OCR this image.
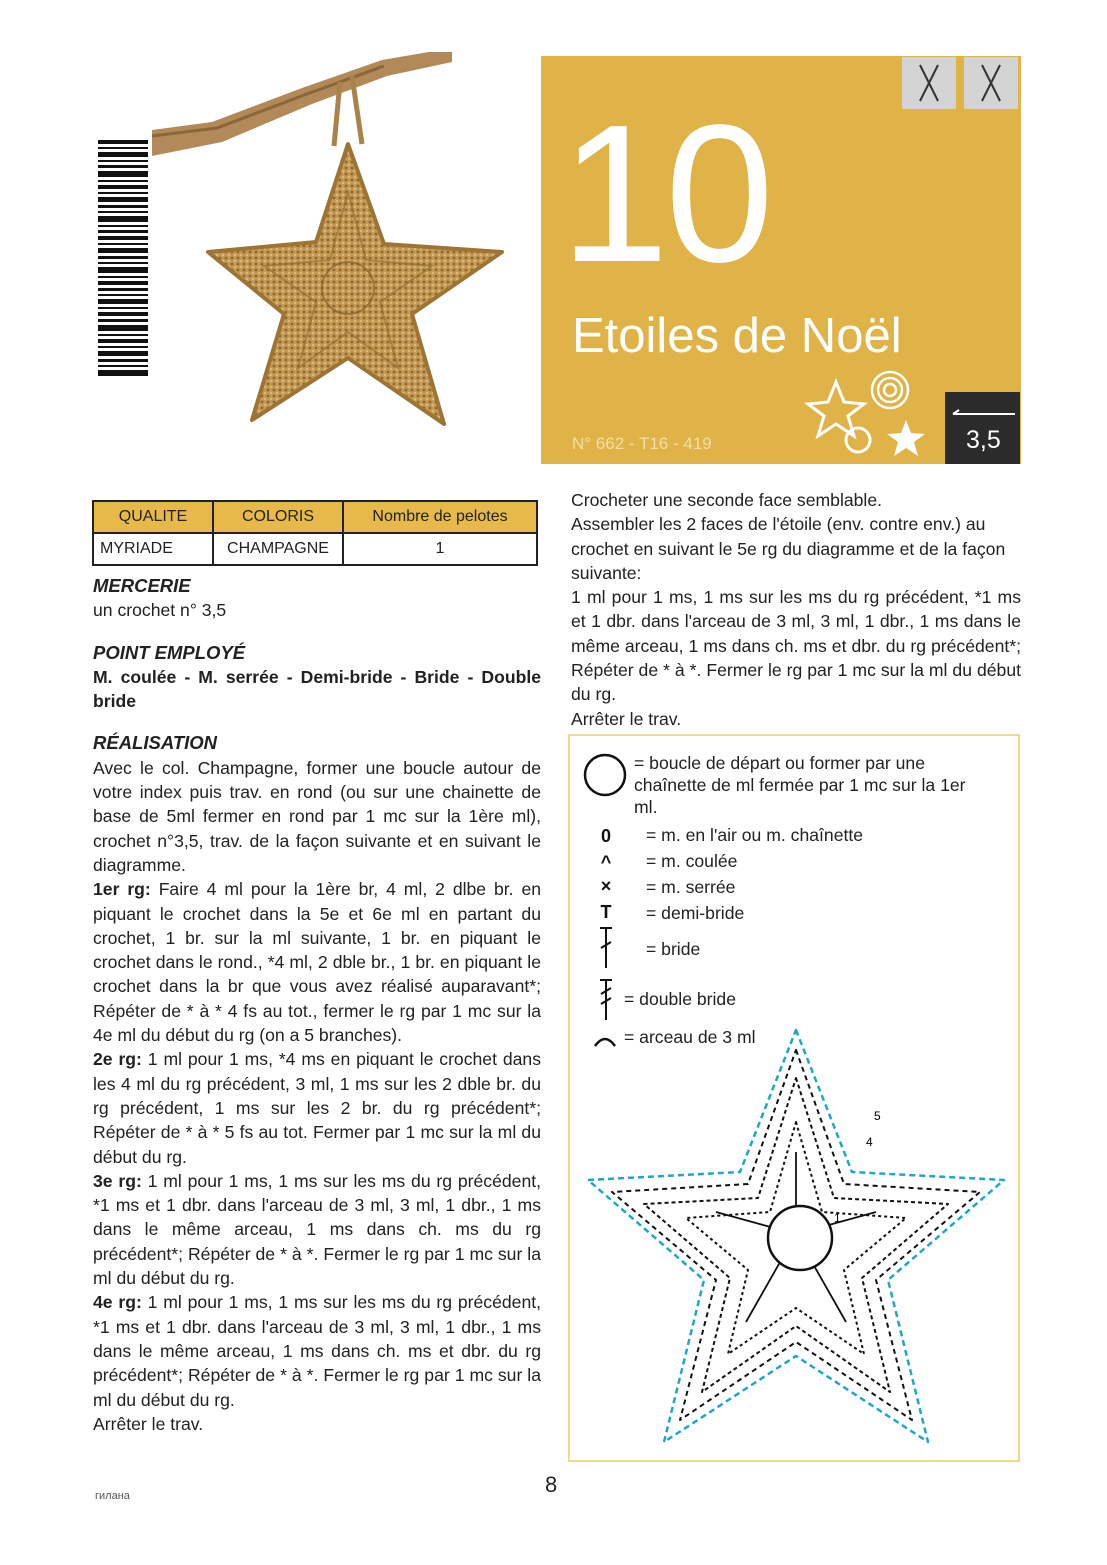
10
Etoiles de Noël
N° 662 - T16 - 419	3,5
QUALITE	COLORIS	Nombre de pelotes
MYRIADE	CHAMPAGNE	1
MERCERIE
un crochet n° 3,5
POINT EMPLOYÉ
M. coulée - M. serrée - Demi-bride - Bride - Double bride
RÉALISATION
Avec le col. Champagne, former une boucle autour de votre index puis trav. en rond (ou sur une chainette de base de 5ml fermer en rond par 1 mc sur la 1ère ml), crochet n°3,5, trav. de la façon suivante et en suivant le diagramme.
1er rg: Faire 4 ml pour la 1ère br, 4 ml, 2 dlbe br. en piquant le crochet dans la 5e et 6e ml en partant du crochet, 1 br. sur la ml suivante, 1 br. en piquant le crochet dans le rond., *4 ml, 2 dble br., 1 br. en piquant le crochet dans la br que vous avez réalisé auparavant*; Répéter de * à * 4 fs au tot., fermer le rg par 1 mc sur la 4e ml du début du rg (on a 5 branches).
2e rg: 1 ml pour 1 ms, *4 ms en piquant le crochet dans les 4 ml du rg précédent, 3 ml, 1 ms sur les 2 dble br. du rg précédent, 1 ms sur les 2 br. du rg précédent*; Répéter de * à * 5 fs au tot. Fermer par 1 mc sur la ml du début du rg.
3e rg: 1 ml pour 1 ms, 1 ms sur les ms du rg précédent, *1 ms et 1 dbr. dans l'arceau de 3 ml, 3 ml, 1 dbr., 1 ms dans le même arceau, 1 ms dans ch. ms du rg précédent*; Répéter de * à *. Fermer le rg par 1 mc sur la ml du début du rg.
4e rg: 1 ml pour 1 ms, 1 ms sur les ms du rg précédent, *1 ms et 1 dbr. dans l'arceau de 3 ml, 3 ml, 1 dbr., 1 ms dans le même arceau, 1 ms dans ch. ms et dbr. du rg précédent*; Répéter de * à *. Fermer le rg par 1 mc sur la ml du début du rg.
Arrêter le trav.
Crocheter une seconde face semblable.
Assembler les 2 faces de l'étoile (env. contre env.) au crochet en suivant le 5e rg du diagramme et de la façon suivante:
1 ml pour 1 ms, 1 ms sur les ms du rg précédent, *1 ms et 1 dbr. dans l'arceau de 3 ml, 3 ml, 1 dbr., 1 ms dans le même arceau, 1 ms dans ch. ms et dbr. du rg précédent*; Répéter de * à *. Fermer le rg par 1 mc sur la ml du début du rg.
Arrêter le trav.
= boucle de départ ou former par une chaînette de ml fermée par 1 mc sur la 1er ml.
0 = m. en l'air ou m. chaînette
^ = m. coulée
× = m. serrée
T = demi-bride
= bride
= double bride
= arceau de 3 ml
1
4
5
8
гилана
